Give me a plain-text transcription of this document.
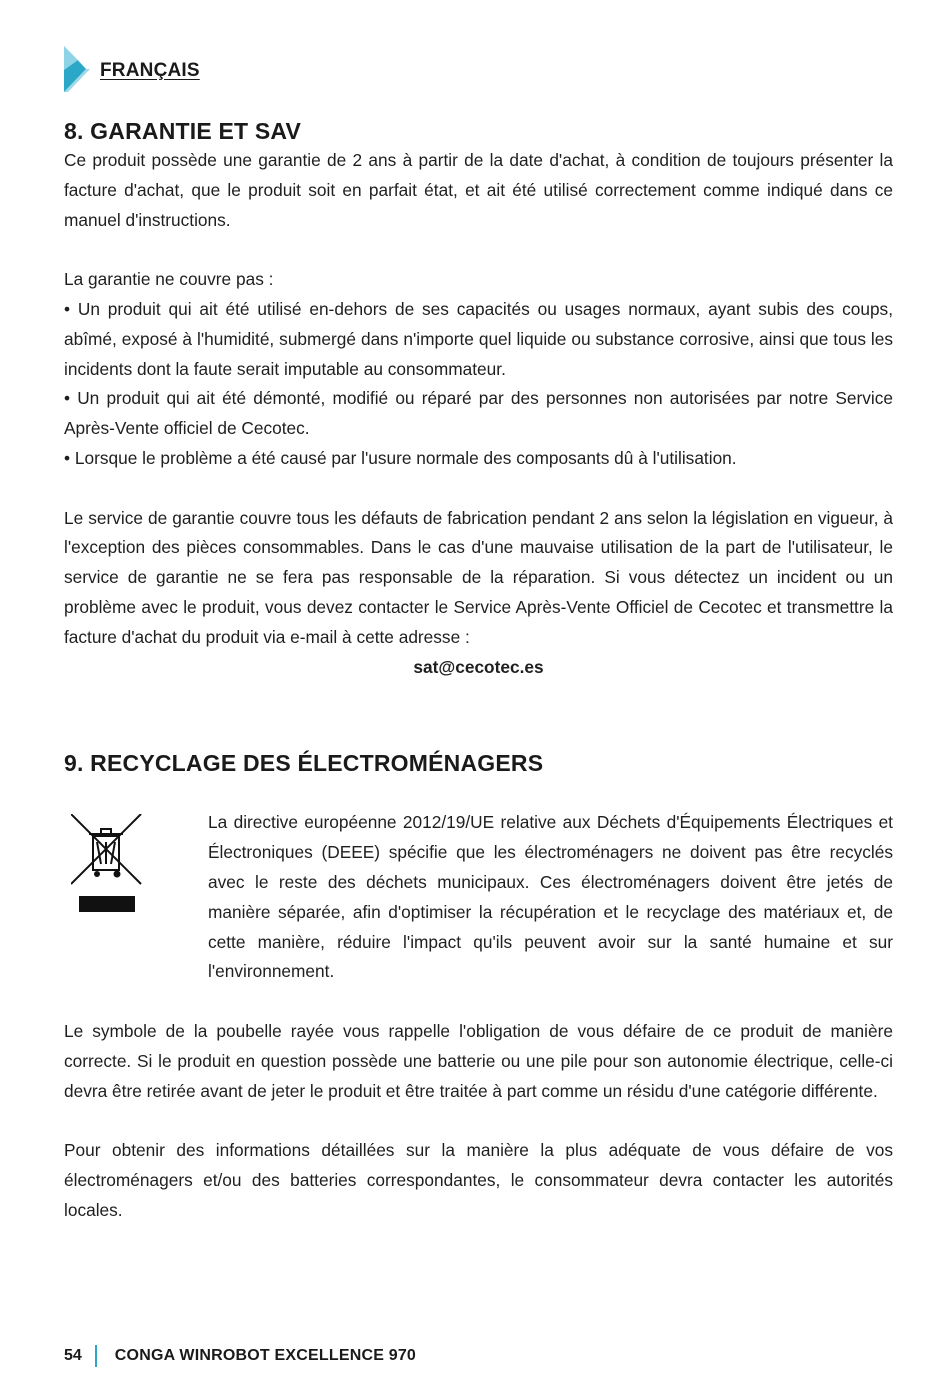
FRANÇAIS
8. GARANTIE ET SAV

Ce produit possède une garantie de 2 ans à partir de la date d'achat, à condition de toujours présenter la facture d'achat, que le produit soit en parfait état, et ait été utilisé correctement comme indiqué dans ce manuel d'instructions.

La garantie ne couvre pas :

• Un produit qui ait été utilisé en-dehors de ses capacités ou usages normaux, ayant subis des coups, abîmé, exposé à l'humidité, submergé dans n'importe quel liquide ou substance corrosive, ainsi que tous les incidents dont la faute serait imputable au consommateur.

• Un produit qui ait été démonté, modifié ou réparé par des personnes non autorisées par notre Service Après-Vente officiel de Cecotec.

• Lorsque le problème a été causé par l'usure normale des composants dû à l'utilisation.

Le service de garantie couvre tous les défauts de fabrication pendant 2 ans selon la législation en vigueur, à l'exception des pièces consommables. Dans le cas d'une mauvaise utilisation de la part de l'utilisateur, le service de garantie ne se fera pas responsable de la réparation. Si vous détectez un incident ou un problème avec le produit, vous devez contacter le Service Après-Vente Officiel de Cecotec et transmettre la facture d'achat du produit via e-mail à cette adresse :

sat@cecotec.es
9. RECYCLAGE DES ÉLECTROMÉNAGERS

La directive européenne 2012/19/UE relative aux Déchets d'Équipements Électriques et Électroniques (DEEE) spécifie que les électroménagers ne doivent pas être recyclés avec le reste des déchets municipaux. Ces électroménagers doivent être jetés de manière séparée, afin d'optimiser la récupération et le recyclage des matériaux et, de cette manière, réduire l'impact qu'ils peuvent avoir sur la santé humaine et sur l'environnement.

Le symbole de la poubelle rayée vous rappelle l'obligation de vous défaire de ce produit de manière correcte. Si le produit en question possède une batterie ou une pile pour son autonomie électrique, celle-ci devra être retirée avant de jeter le produit et être traitée à part comme un résidu d'une catégorie différente.

Pour obtenir des informations détaillées sur la manière la plus adéquate de vous défaire de vos électroménagers et/ou des batteries correspondantes, le consommateur devra contacter les autorités locales.

54 CONGA WINROBOT EXCELLENCE 970
